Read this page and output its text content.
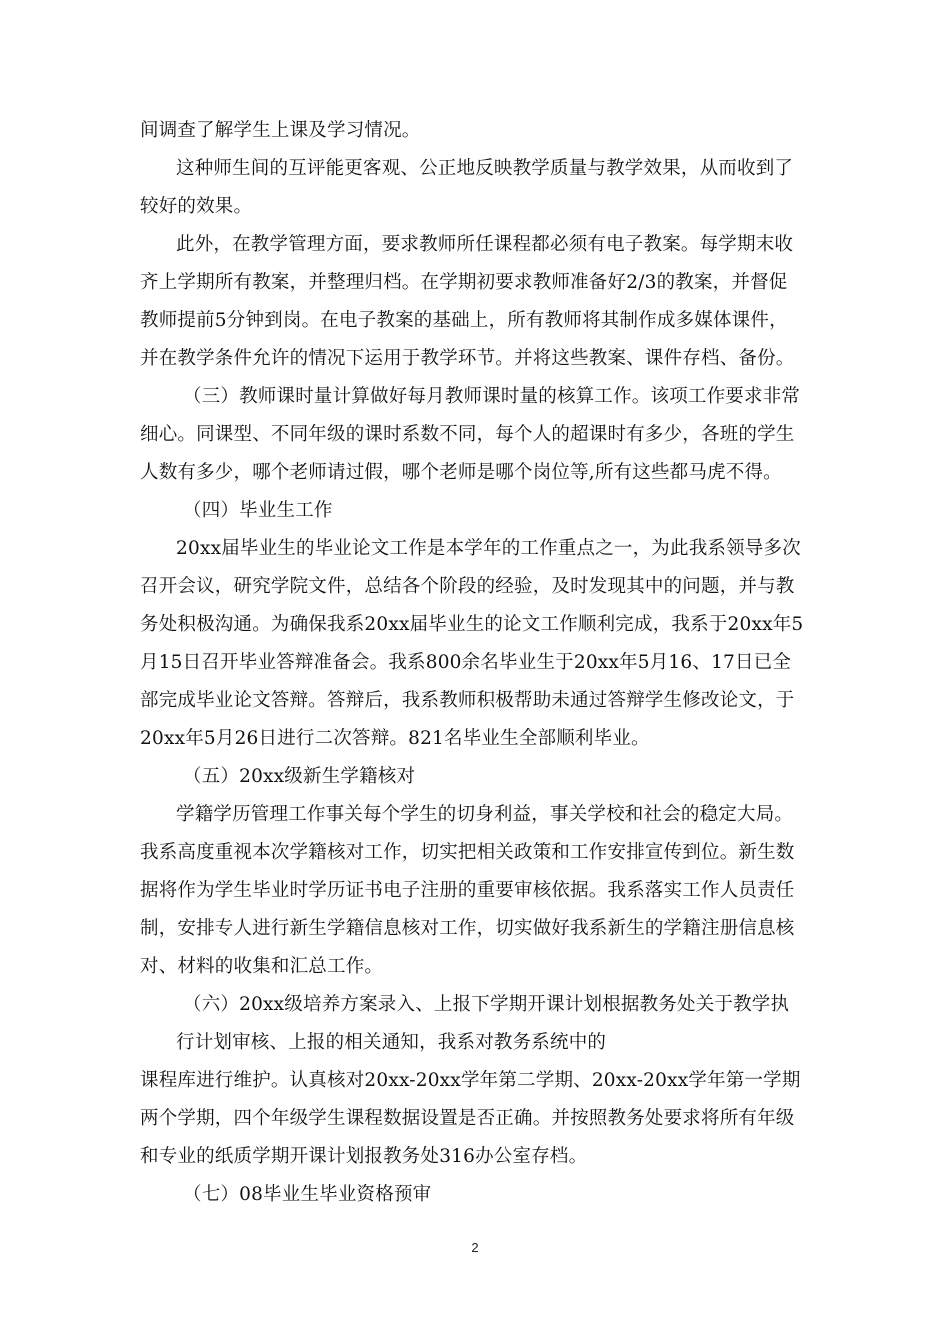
间调查了解学生上课及学习情况。
这种师生间的互评能更客观、公正地反映教学质量与教学效果，从而收到了
较好的效果。
此外，在教学管理方面，要求教师所任课程都必须有电子教案。每学期末收
齐上学期所有教案，并整理归档。在学期初要求教师准备好2/3的教案，并督促
教师提前5分钟到岗。在电子教案的基础上，所有教师将其制作成多媒体课件，
并在教学条件允许的情况下运用于教学环节。并将这些教案、课件存档、备份。
（三）教师课时量计算做好每月教师课时量的核算工作。该项工作要求非常
细心。同课型、不同年级的课时系数不同，每个人的超课时有多少，各班的学生
人数有多少，哪个老师请过假，哪个老师是哪个岗位等,所有这些都马虎不得。
（四）毕业生工作
20xx届毕业生的毕业论文工作是本学年的工作重点之一，为此我系领导多次
召开会议，研究学院文件，总结各个阶段的经验，及时发现其中的问题，并与教
务处积极沟通。为确保我系20xx届毕业生的论文工作顺利完成，我系于20xx年5
月15日召开毕业答辩准备会。我系800余名毕业生于20xx年5月16、17日已全
部完成毕业论文答辩。答辩后，我系教师积极帮助未通过答辩学生修改论文，于
20xx年5月26日进行二次答辩。821名毕业生全部顺利毕业。
（五）20xx级新生学籍核对
学籍学历管理工作事关每个学生的切身利益，事关学校和社会的稳定大局。
我系高度重视本次学籍核对工作，切实把相关政策和工作安排宣传到位。新生数
据将作为学生毕业时学历证书电子注册的重要审核依据。我系落实工作人员责任
制，安排专人进行新生学籍信息核对工作，切实做好我系新生的学籍注册信息核
对、材料的收集和汇总工作。
（六）20xx级培养方案录入、上报下学期开课计划根据教务处关于教学执
行计划审核、上报的相关通知，我系对教务系统中的
课程库进行维护。认真核对20xx-20xx学年第二学期、20xx-20xx学年第一学期
两个学期，四个年级学生课程数据设置是否正确。并按照教务处要求将所有年级
和专业的纸质学期开课计划报教务处316办公室存档。
（七）08毕业生毕业资格预审
2
